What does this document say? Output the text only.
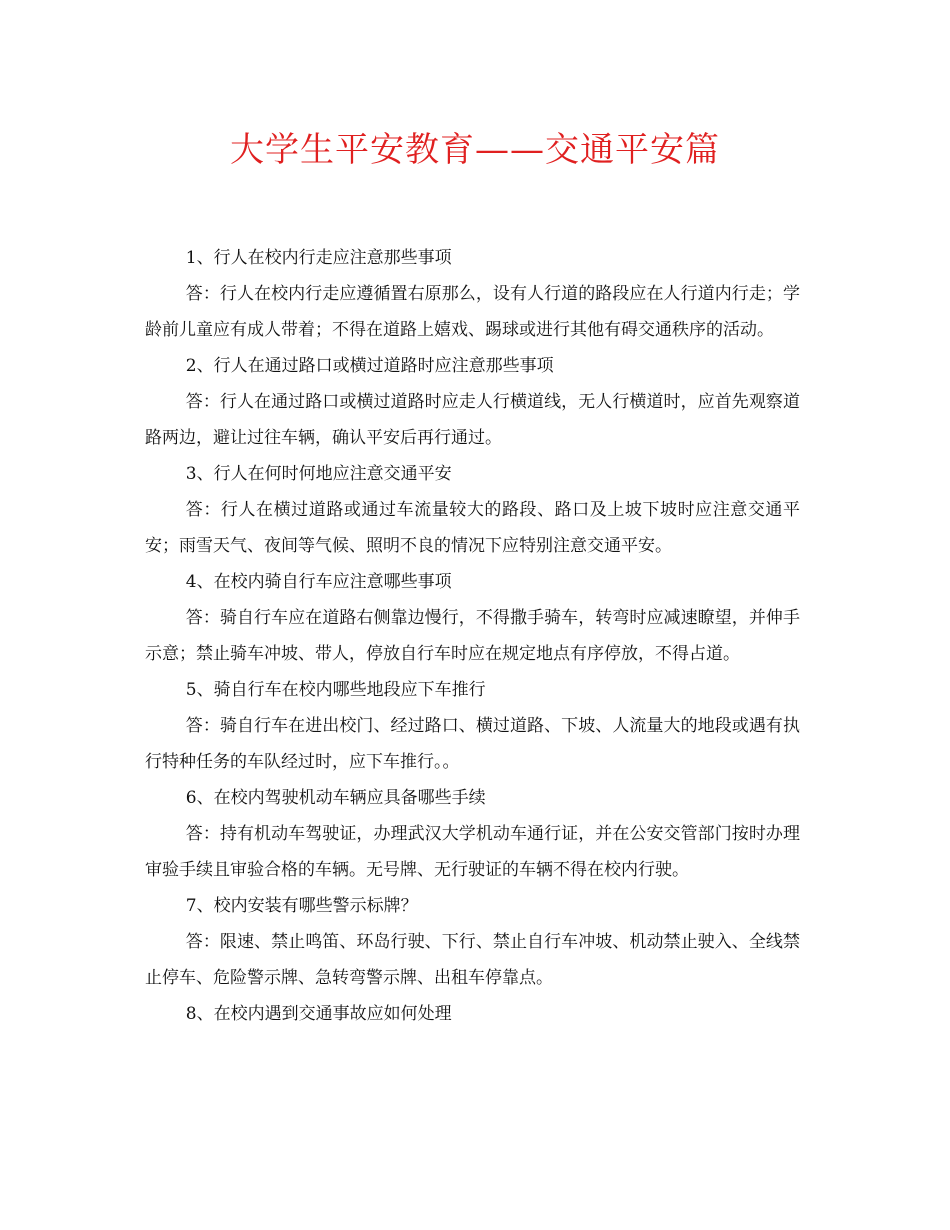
大学生平安教育——交通平安篇

1、行人在校内行走应注意那些事项

答：行人在校内行走应遵循置右原那么，设有人行道的路段应在人行道内行走；学龄前儿童应有成人带着；不得在道路上嬉戏、踢球或进行其他有碍交通秩序的活动。

2、行人在通过路口或横过道路时应注意那些事项

答：行人在通过路口或横过道路时应走人行横道线，无人行横道时，应首先观察道路两边，避让过往车辆，确认平安后再行通过。

3、行人在何时何地应注意交通平安

答：行人在横过道路或通过车流量较大的路段、路口及上坡下坡时应注意交通平安；雨雪天气、夜间等气候、照明不良的情况下应特别注意交通平安。

4、在校内骑自行车应注意哪些事项

答：骑自行车应在道路右侧靠边慢行，不得撒手骑车，转弯时应减速瞭望，并伸手示意；禁止骑车冲坡、带人，停放自行车时应在规定地点有序停放，不得占道。

5、骑自行车在校内哪些地段应下车推行

答：骑自行车在进出校门、经过路口、横过道路、下坡、人流量大的地段或遇有执行特种任务的车队经过时，应下车推行。。

6、在校内驾驶机动车辆应具备哪些手续

答：持有机动车驾驶证，办理武汉大学机动车通行证，并在公安交管部门按时办理审验手续且审验合格的车辆。无号牌、无行驶证的车辆不得在校内行驶。

7、校内安装有哪些警示标牌？

答：限速、禁止鸣笛、环岛行驶、下行、禁止自行车冲坡、机动禁止驶入、全线禁止停车、危险警示牌、急转弯警示牌、出租车停靠点。

8、在校内遇到交通事故应如何处理
